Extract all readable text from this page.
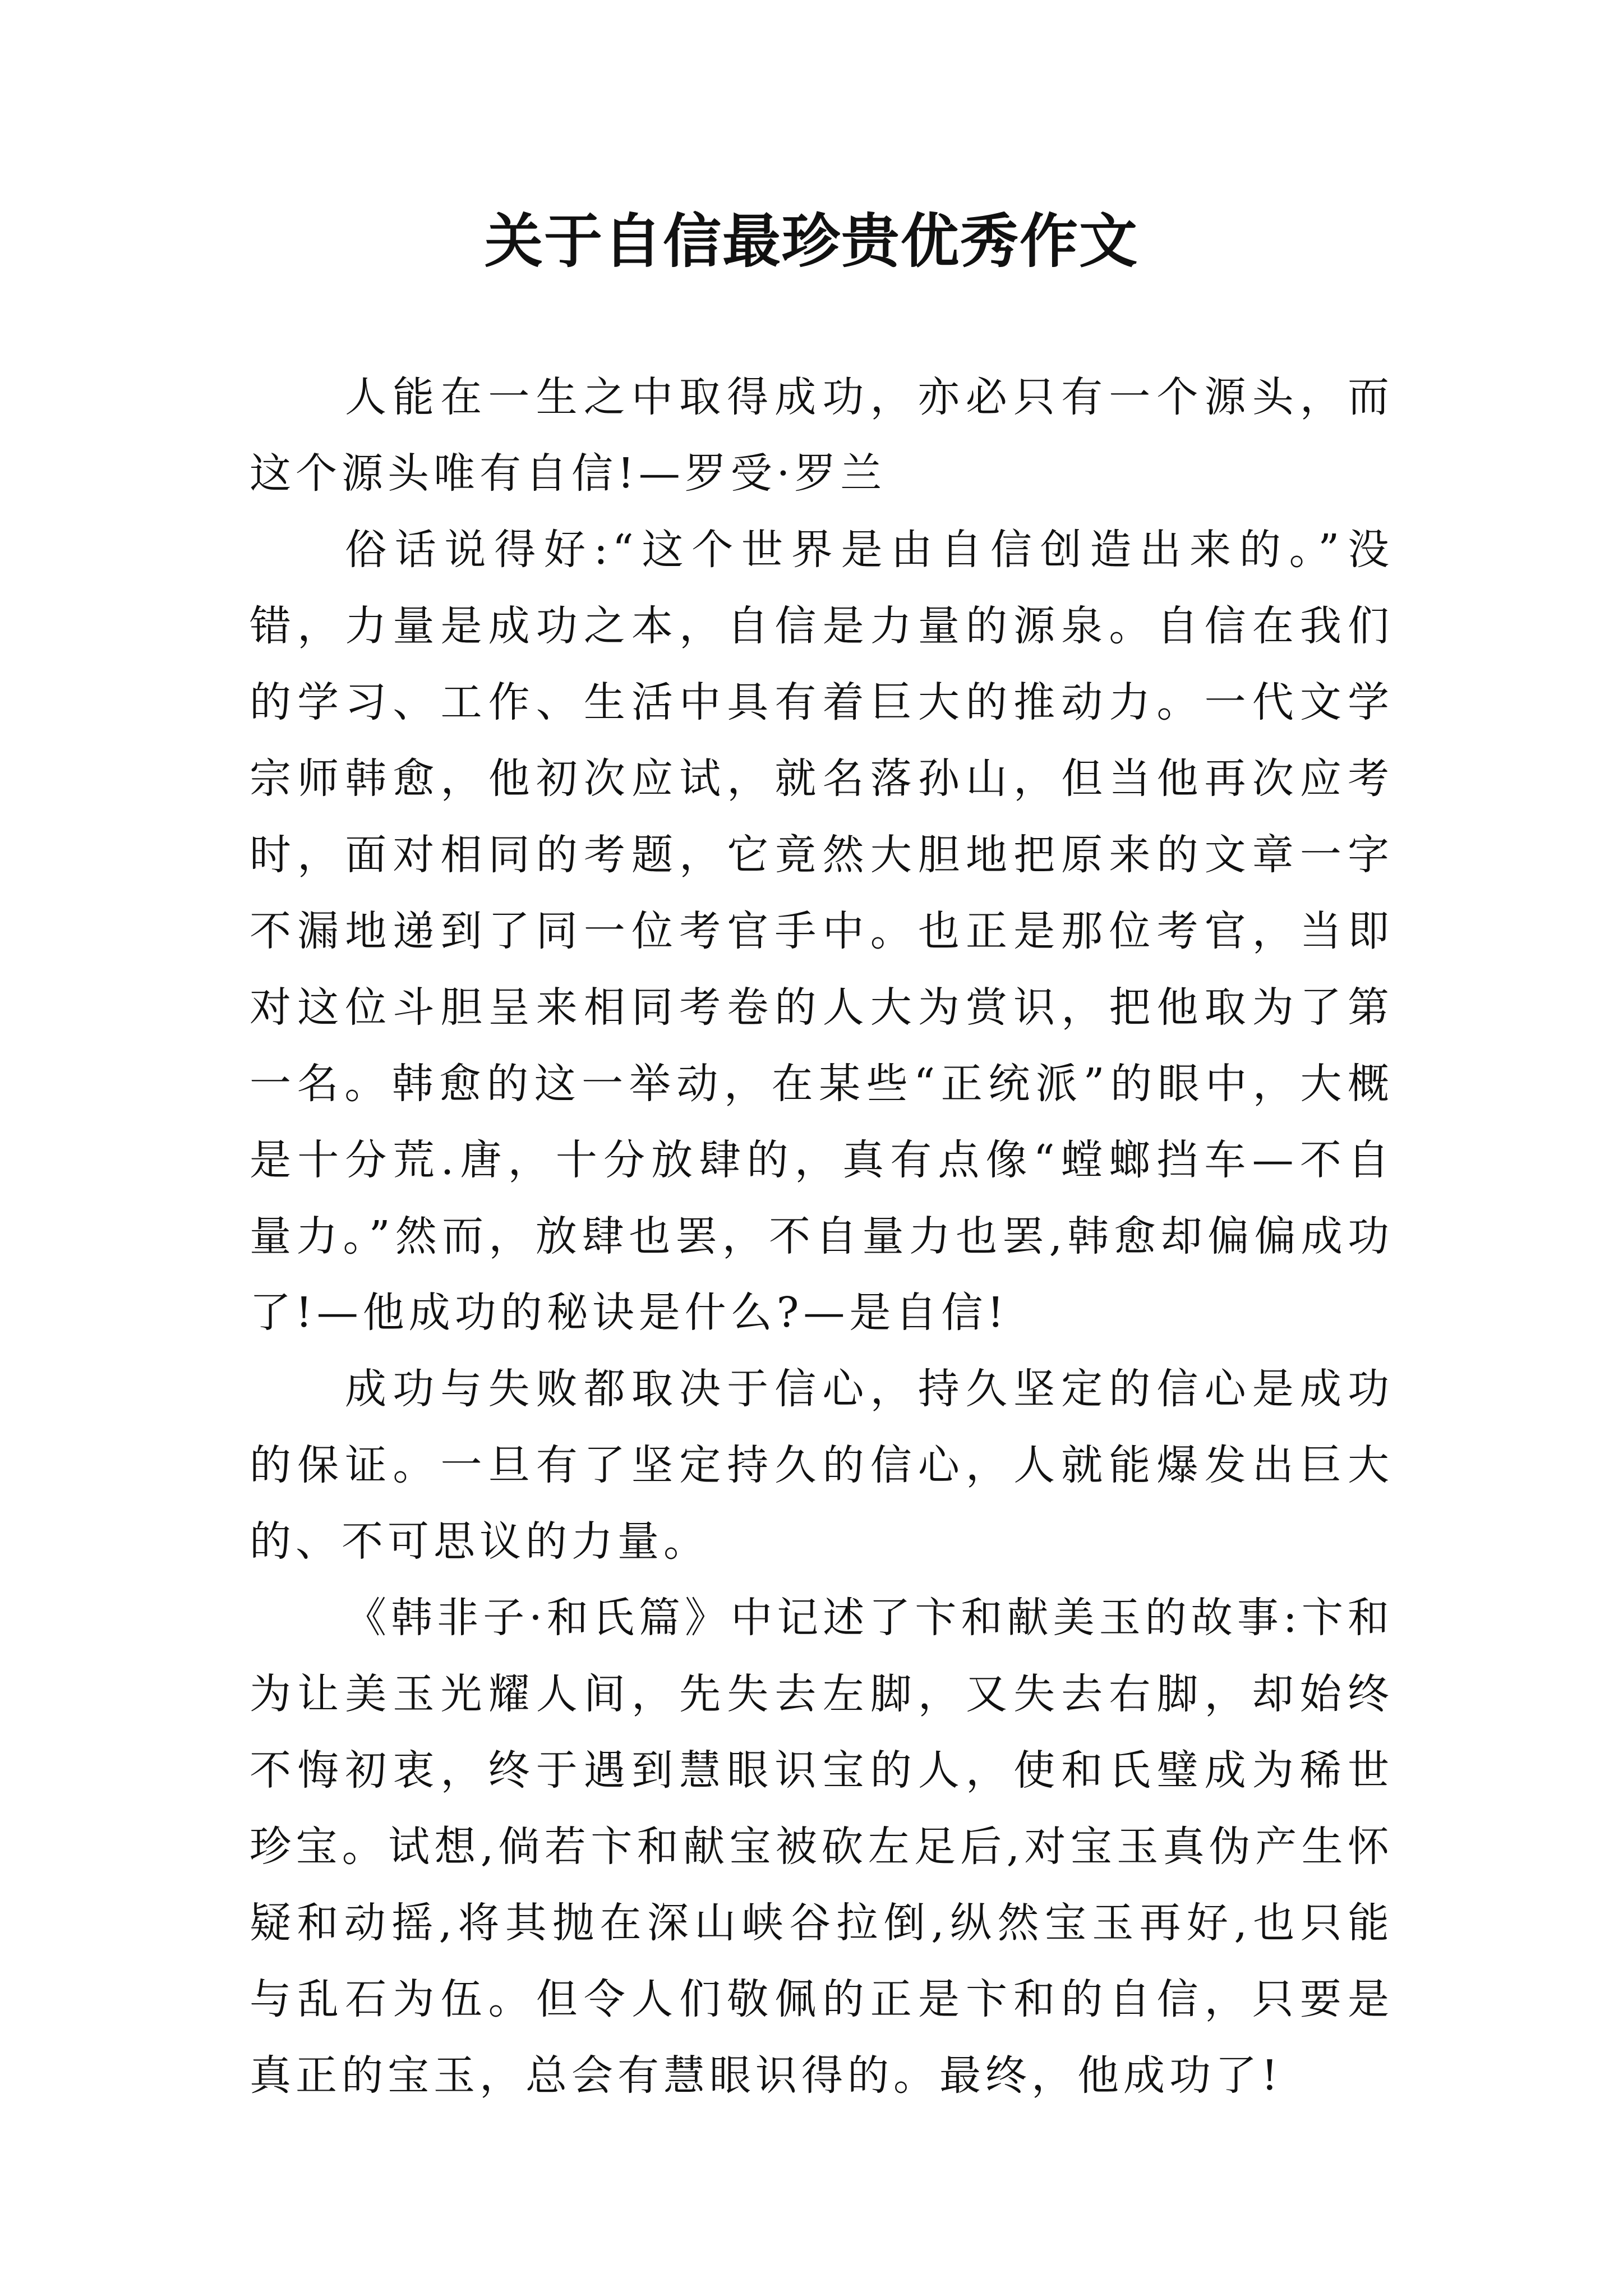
关于自信最珍贵优秀作文

人能在一生之中取得成功，亦必只有一个源头，而这个源头唯有自信!—罗受·罗兰

俗话说得好:“这个世界是由自信创造出来的。”没错，力量是成功之本，自信是力量的源泉。自信在我们的学习、工作、生活中具有着巨大的推动力。一代文学宗师韩愈，他初次应试，就名落孙山，但当他再次应考时，面对相同的考题，它竟然大胆地把原来的文章一字不漏地递到了同一位考官手中。也正是那位考官，当即对这位斗胆呈来相同考卷的人大为赏识，把他取为了第一名。韩愈的这一举动，在某些“正统派”的眼中，大概是十分荒.唐，十分放肆的，真有点像“螳螂挡车—不自量力。”然而，放肆也罢，不自量力也罢,韩愈却偏偏成功了!—他成功的秘诀是什么?—是自信!

成功与失败都取决于信心，持久坚定的信心是成功的保证。一旦有了坚定持久的信心，人就能爆发出巨大的、不可思议的力量。

《韩非子·和氏篇》中记述了卞和献美玉的故事:卞和为让美玉光耀人间，先失去左脚，又失去右脚，却始终不悔初衷，终于遇到慧眼识宝的人，使和氏璧成为稀世珍宝。试想,倘若卞和献宝被砍左足后,对宝玉真伪产生怀疑和动摇,将其抛在深山峡谷拉倒,纵然宝玉再好,也只能与乱石为伍。但令人们敬佩的正是卞和的自信，只要是真正的宝玉，总会有慧眼识得的。最终，他成功了!
